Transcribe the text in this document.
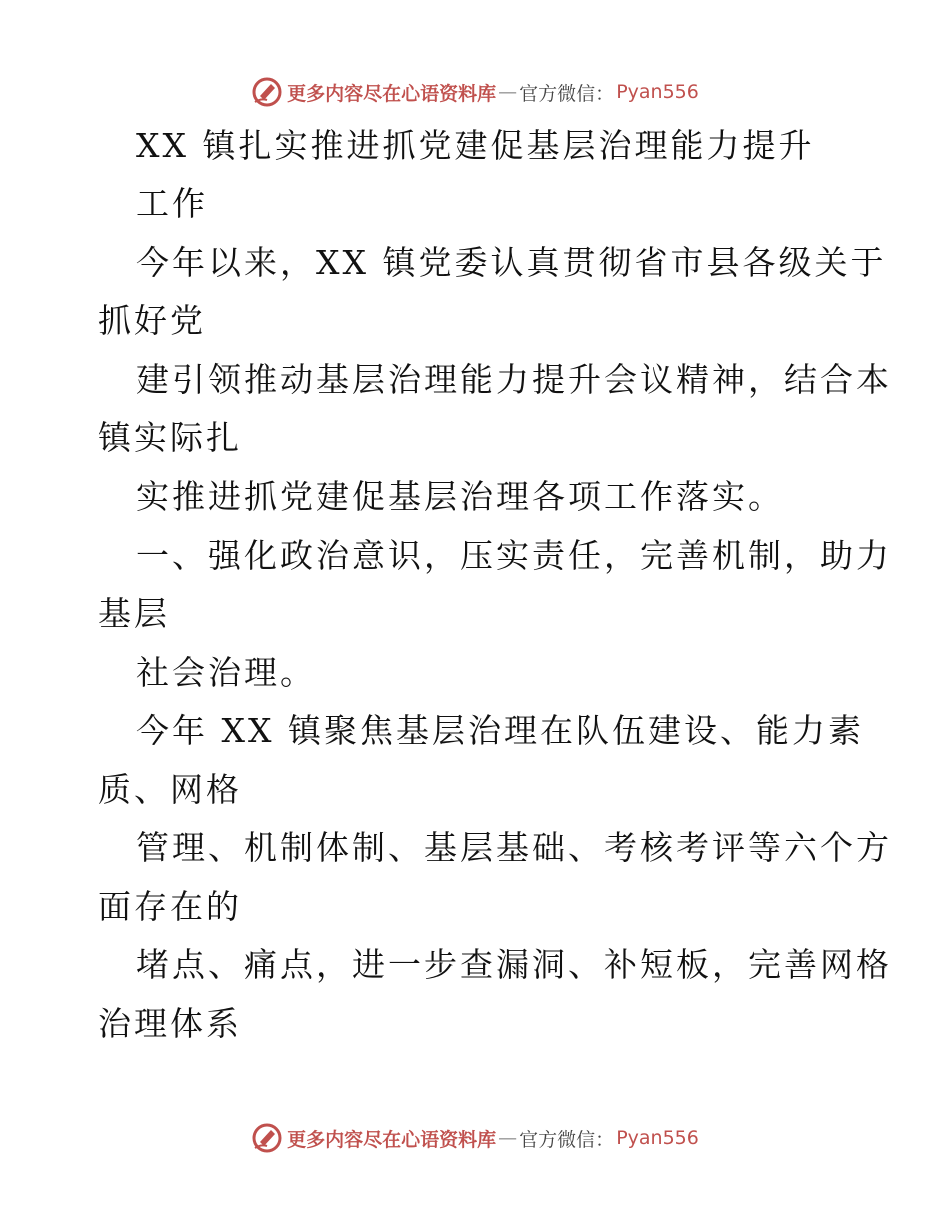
更多内容尽在心语资料库 — 官方微信： Pyan556
XX 镇扎实推进抓党建促基层治理能力提升
工作
今年以来，XX 镇党委认真贯彻省市县各级关于
抓好党
建引领推动基层治理能力提升会议精神，结合本
镇实际扎
实推进抓党建促基层治理各项工作落实。
一、强化政治意识，压实责任，完善机制，助力
基层
社会治理。
今年 XX 镇聚焦基层治理在队伍建设、能力素
质、网格
管理、机制体制、基层基础、考核考评等六个方
面存在的
堵点、痛点，进一步查漏洞、补短板，完善网格
治理体系
更多内容尽在心语资料库 — 官方微信： Pyan556
